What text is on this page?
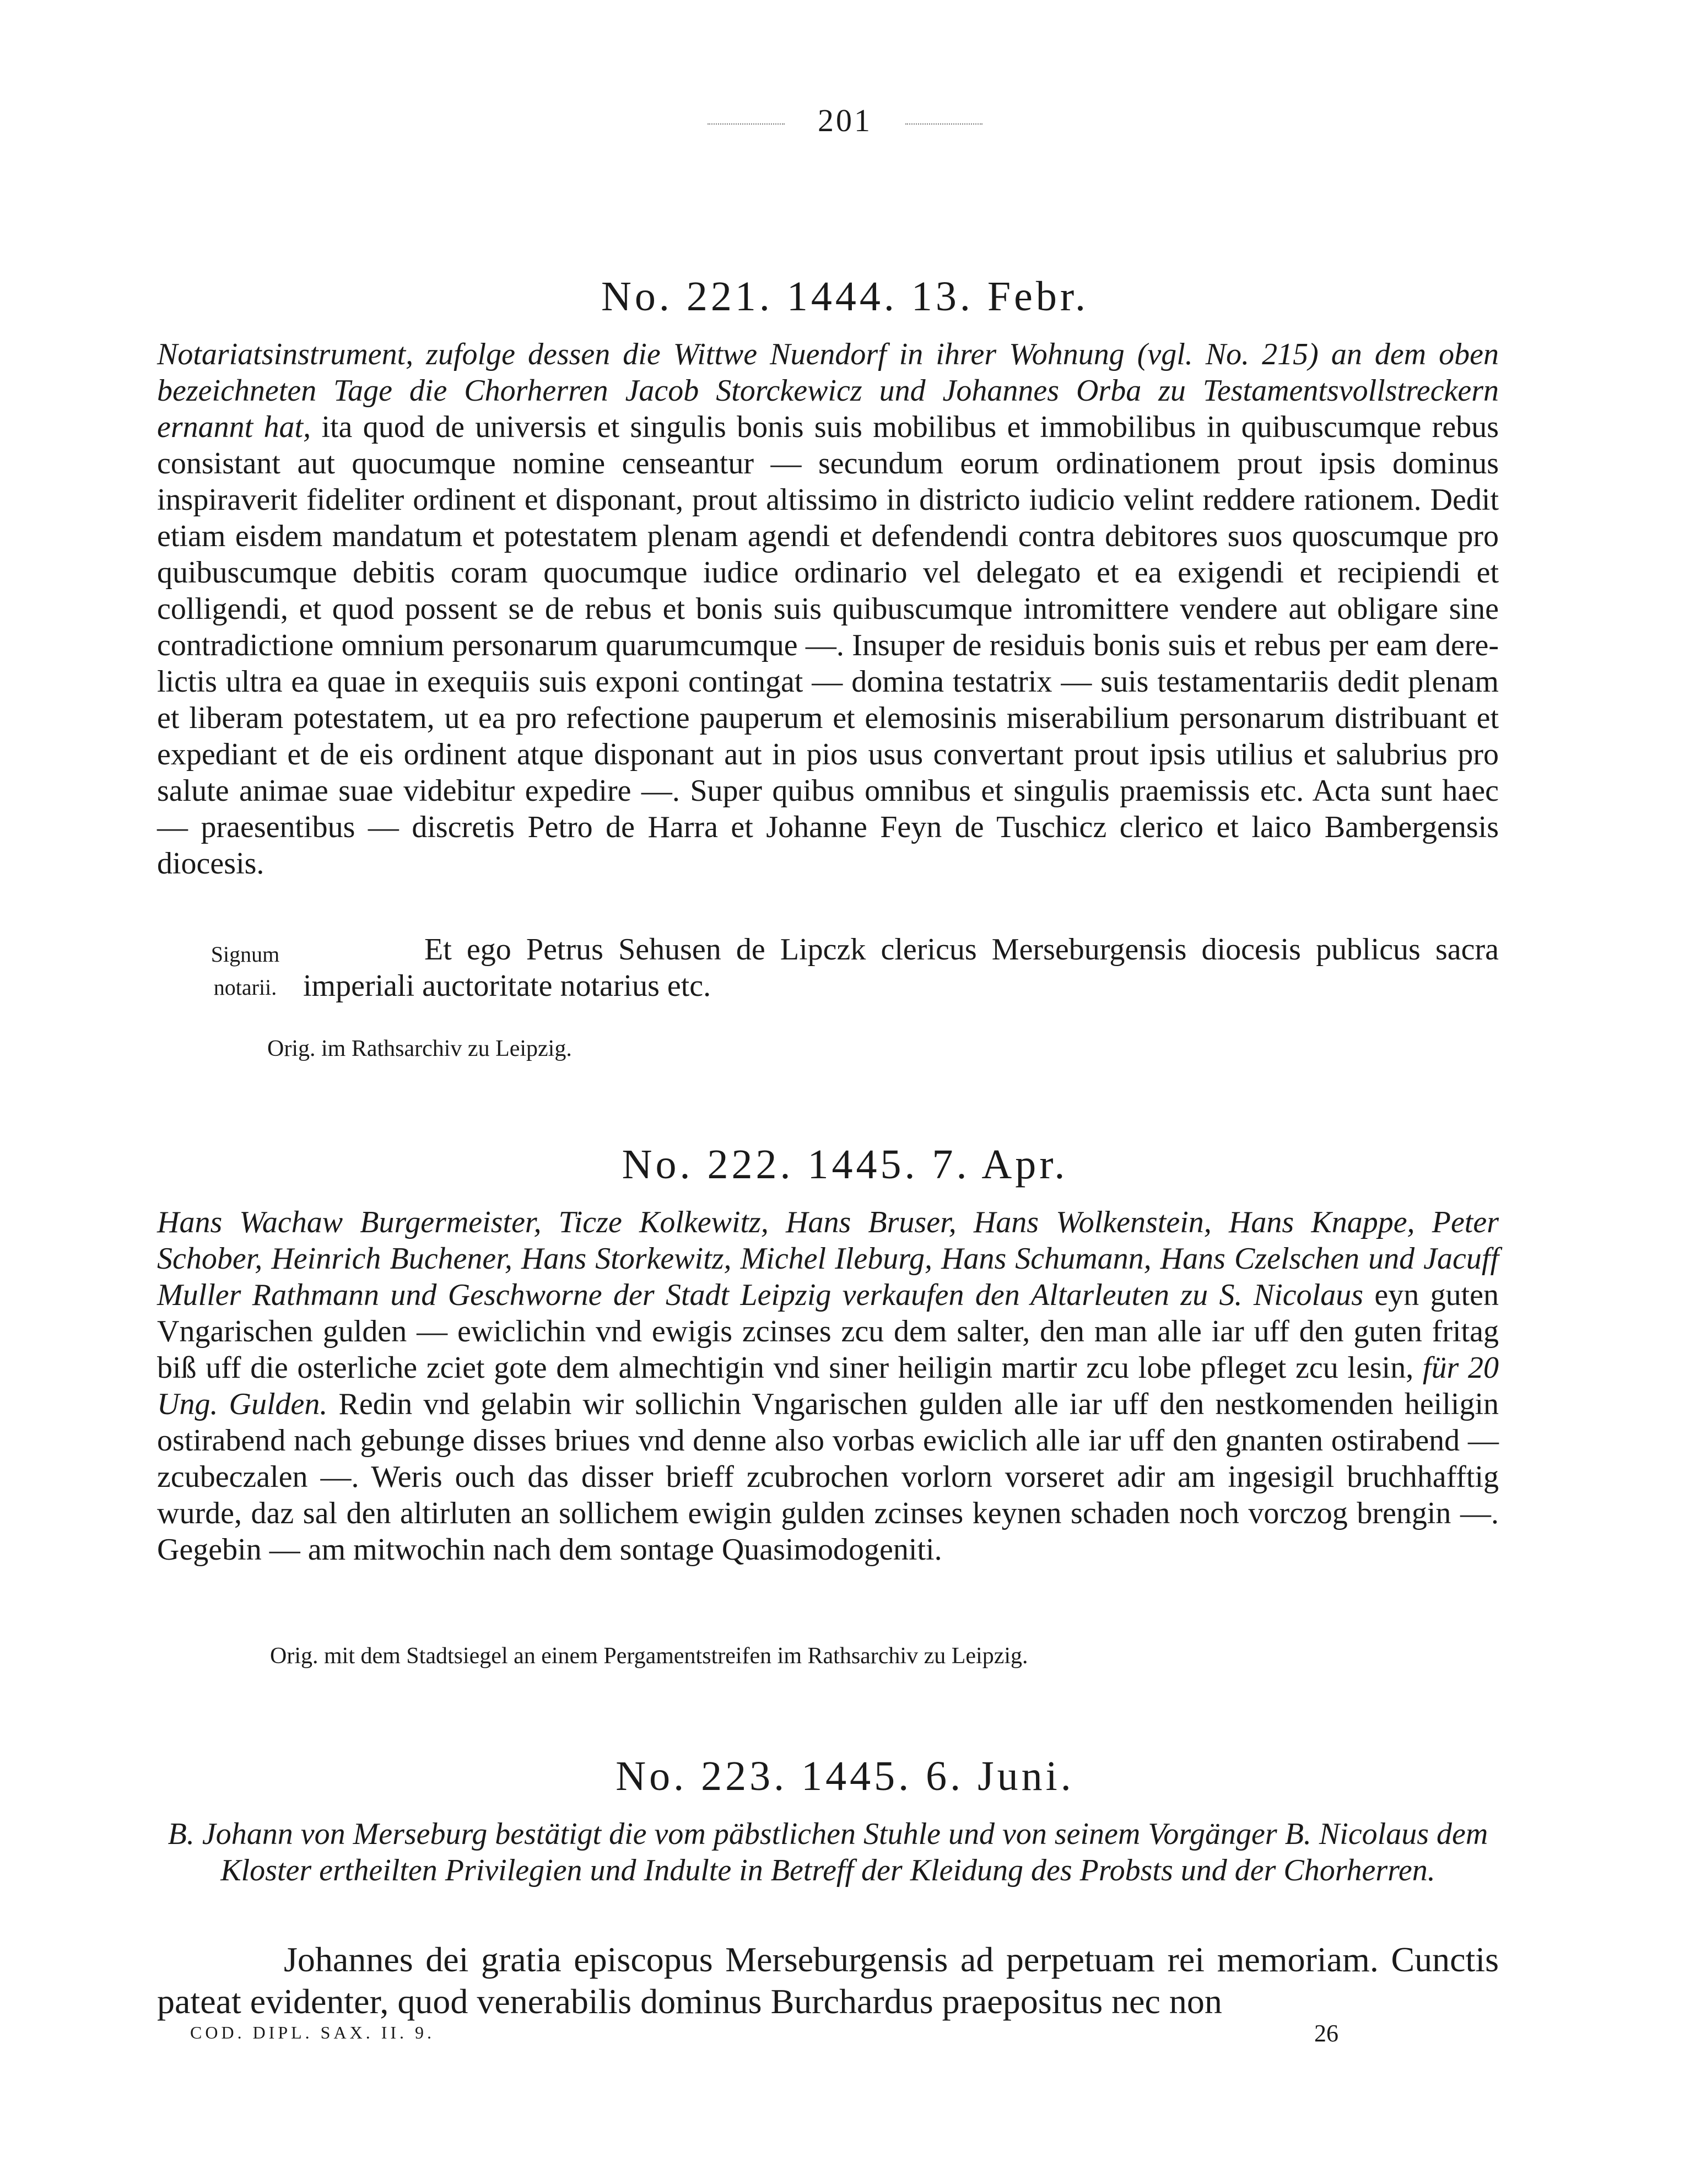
201
No. 221. 1444. 13. Febr.

Notariatsinstrument, zufolge dessen die Wittwe Nuendorf in ihrer Wohnung (vgl. No. 215) an dem oben bezeichneten Tage die Chorherren Jacob Storckewicz und Johannes Orba zu Testamentsvollstreckern ernannt hat, ita quod de universis et singulis bonis suis mobilibus et immobilibus in quibuscumque rebus consistant aut quocumque nomine censeantur — secundum eorum ordinationem prout ipsis dominus inspiraverit fideliter ordinent et disponant, prout altissimo in districto iudicio velint reddere rationem. Dedit etiam eisdem mandatum et potestatem plenam agendi et defendendi contra debitores suos quoscumque pro quibuscumque debitis coram quocumque iudice ordinario vel delegato et ea exigendi et recipiendi et colligendi, et quod possent se de rebus et bonis suis quibuscumque intromittere vendere aut obligare sine contradictione omnium personarum quarumcumque —. Insuper de residuis bonis suis et rebus per eam derelictis ultra ea quae in exequiis suis exponi contingat — domina testatrix — suis testamentariis dedit plenam et liberam potestatem, ut ea pro refectione pauperum et elemosinis miserabilium personarum distribuant et expediant et de eis ordinent atque disponant aut in pios usus convertant prout ipsis utilius et salubrius pro salute animae suae videbitur expedire —. Super quibus omnibus et singulis praemissis etc. Acta sunt haec — praesentibus — discretis Petro de Harra et Johanne Feyn de Tuschicz clerico et laico Bambergensis diocesis.

Signum
notarii.

Et ego Petrus Sehusen de Lipczk clericus Merseburgensis diocesis publicus sacra imperiali auctoritate notarius etc.

Orig. im Rathsarchiv zu Leipzig.
No. 222. 1445. 7. Apr.

Hans Wachaw Burgermeister, Ticze Kolkewitz, Hans Bruser, Hans Wolkenstein, Hans Knappe, Peter Schober, Heinrich Buchener, Hans Storkewitz, Michel Ileburg, Hans Schumann, Hans Czelschen und Jacuff Muller Rathmann und Geschworne der Stadt Leipzig verkaufen den Altarleuten zu S. Nicolaus eyn guten Vngarischen gulden — ewiclichin vnd ewigis zcinses zcu dem salter, den man alle iar uff den guten fritag biß uff die osterliche zciet gote dem almechtigin vnd siner heiligin martir zcu lobe pfleget zcu lesin, für 20 Ung. Gulden. Redin vnd gelabin wir sollichin Vngarischen gulden alle iar uff den nestkomenden heiligin ostirabend nach gebunge disses briues vnd denne also vorbas ewiclich alle iar uff den gnanten ostirabend — zcubeczalen —. Weris ouch das disser brieff zcubrochen vorlorn vorseret adir am ingesigil bruchhafftig wurde, daz sal den altirluten an sollichem ewigin gulden zcinses keynen schaden noch vorczog brengin —. Gegebin — am mitwochin nach dem sontage Quasimodogeniti.

Orig. mit dem Stadtsiegel an einem Pergamentstreifen im Rathsarchiv zu Leipzig.
No. 223. 1445. 6. Juni.

B. Johann von Merseburg bestätigt die vom päbstlichen Stuhle und von seinem Vorgänger B. Nicolaus dem Kloster ertheilten Privilegien und Indulte in Betreff der Kleidung des Probsts und der Chorherren.

Johannes dei gratia episcopus Merseburgensis ad perpetuam rei memoriam. Cunctis pateat evidenter, quod venerabilis dominus Burchardus praepositus nec non

COD. DIPL. SAX. II. 9.	26
